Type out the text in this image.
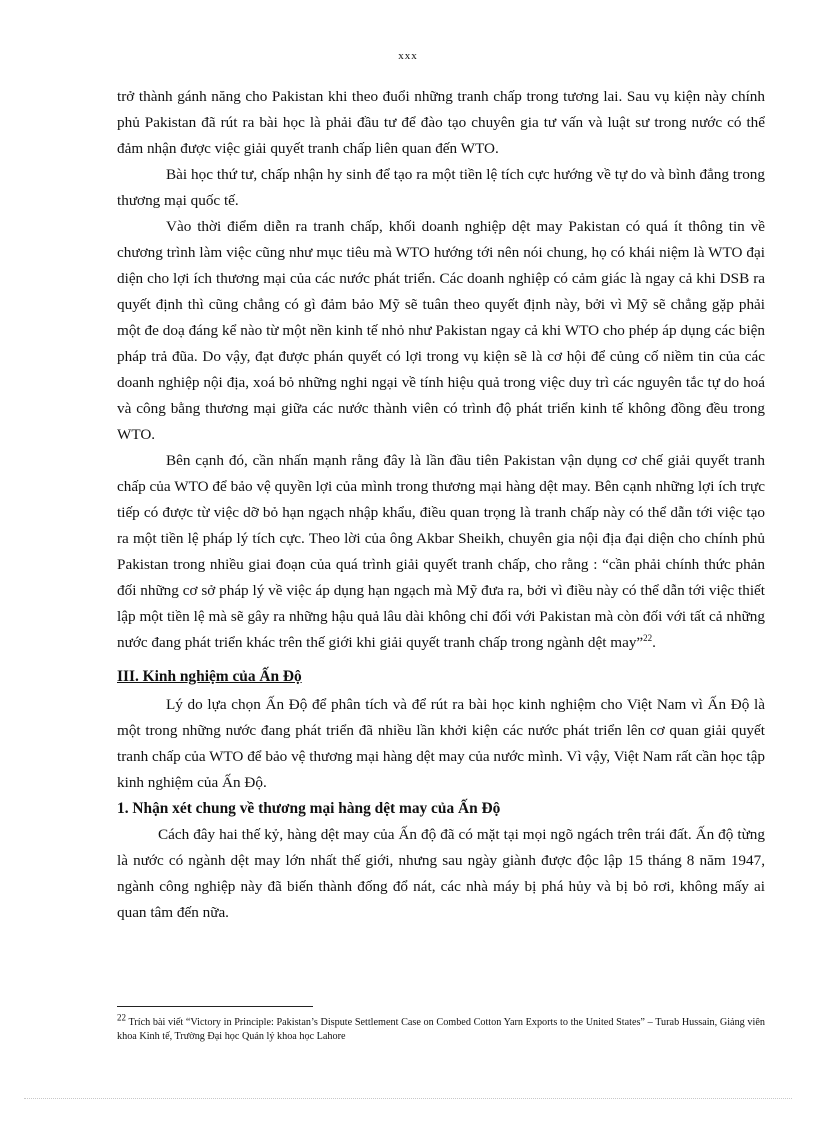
xxx

trở thành gánh năng cho Pakistan khi theo đuổi những tranh chấp trong tương lai. Sau vụ kiện này chính phủ Pakistan đã rút ra bài học là phải đầu tư để đào tạo chuyên gia tư vấn và luật sư trong nước có thể đảm nhận được việc giải quyết tranh chấp liên quan đến WTO.

Bài học thứ tư, chấp nhận hy sinh để tạo ra một tiền lệ tích cực hướng về tự do và bình đẳng trong thương mại quốc tế.

Vào thời điểm diễn ra tranh chấp, khối doanh nghiệp dệt may Pakistan có quá ít thông tin về chương trình làm việc cũng như mục tiêu mà WTO hướng tới nên nói chung, họ có khái niệm là WTO đại diện cho lợi ích thương mại của các nước phát triển. Các doanh nghiệp có cảm giác là ngay cả khi DSB ra quyết định thì cũng chẳng có gì đảm bảo Mỹ sẽ tuân theo quyết định này, bởi vì Mỹ sẽ chẳng gặp phải một đe doạ đáng kể nào từ một nền kinh tế nhỏ như Pakistan ngay cả khi WTO cho phép áp dụng các biện pháp trả đũa. Do vậy, đạt được phán quyết có lợi trong vụ kiện sẽ là cơ hội để củng cố niềm tin của các doanh nghiệp nội địa, xoá bỏ những nghi ngại về tính hiệu quả trong việc duy trì các nguyên tắc tự do hoá và công bằng thương mại giữa các nước thành viên có trình độ phát triển kinh tế không đồng đều trong WTO.

Bên cạnh đó, cần nhấn mạnh rằng đây là lần đầu tiên Pakistan vận dụng cơ chế giải quyết tranh chấp của WTO để bảo vệ quyền lợi của mình trong thương mại hàng dệt may. Bên cạnh những lợi ích trực tiếp có được từ việc dỡ bỏ hạn ngạch nhập khẩu, điều quan trọng là tranh chấp này có thể dẫn tới việc tạo ra một tiền lệ pháp lý tích cực. Theo lời của ông Akbar Sheikh, chuyên gia nội địa đại diện cho chính phủ Pakistan trong nhiều giai đoạn của quá trình giải quyết tranh chấp, cho rằng : “cần phải chính thức phản đối những cơ sở pháp lý về việc áp dụng hạn ngạch mà Mỹ đưa ra, bởi vì điều này có thể dẫn tới việc thiết lập một tiền lệ mà sẽ gây ra những hậu quả lâu dài không chỉ đối với Pakistan mà còn đối với tất cả những nước đang phát triển khác trên thế giới khi giải quyết tranh chấp trong ngành dệt may”$^{22}$.

III. Kinh nghiệm của Ấn Độ

Lý do lựa chọn Ấn Độ để phân tích và để rút ra bài học kinh nghiệm cho Việt Nam vì Ấn Độ là một trong những nước đang phát triển đã nhiều lần khởi kiện các nước phát triển lên cơ quan giải quyết tranh chấp của WTO để bảo vệ thương mại hàng dệt may của nước mình. Vì vậy, Việt Nam rất cần học tập kinh nghiệm của Ấn Độ.

1. Nhận xét chung về thương mại hàng dệt may của Ấn Độ

Cách đây hai thế kỷ, hàng dệt may của Ấn độ đã có mặt tại mọi ngõ ngách trên trái đất. Ấn độ từng là nước có ngành dệt may lớn nhất thế giới, nhưng sau ngày giành được độc lập 15 tháng 8 năm 1947, ngành công nghiệp này đã biến thành đống đổ nát, các nhà máy bị phá hủy và bị bỏ rơi, không mấy ai quan tâm đến nữa.

$^{22}$ Trích bài viết “Victory in Principle: Pakistan’s Dispute Settlement Case on Combed Cotton Yarn Exports to the United States” – Turab Hussain, Giảng viên khoa Kinh tế, Trường Đại học Quản lý khoa học Lahore
